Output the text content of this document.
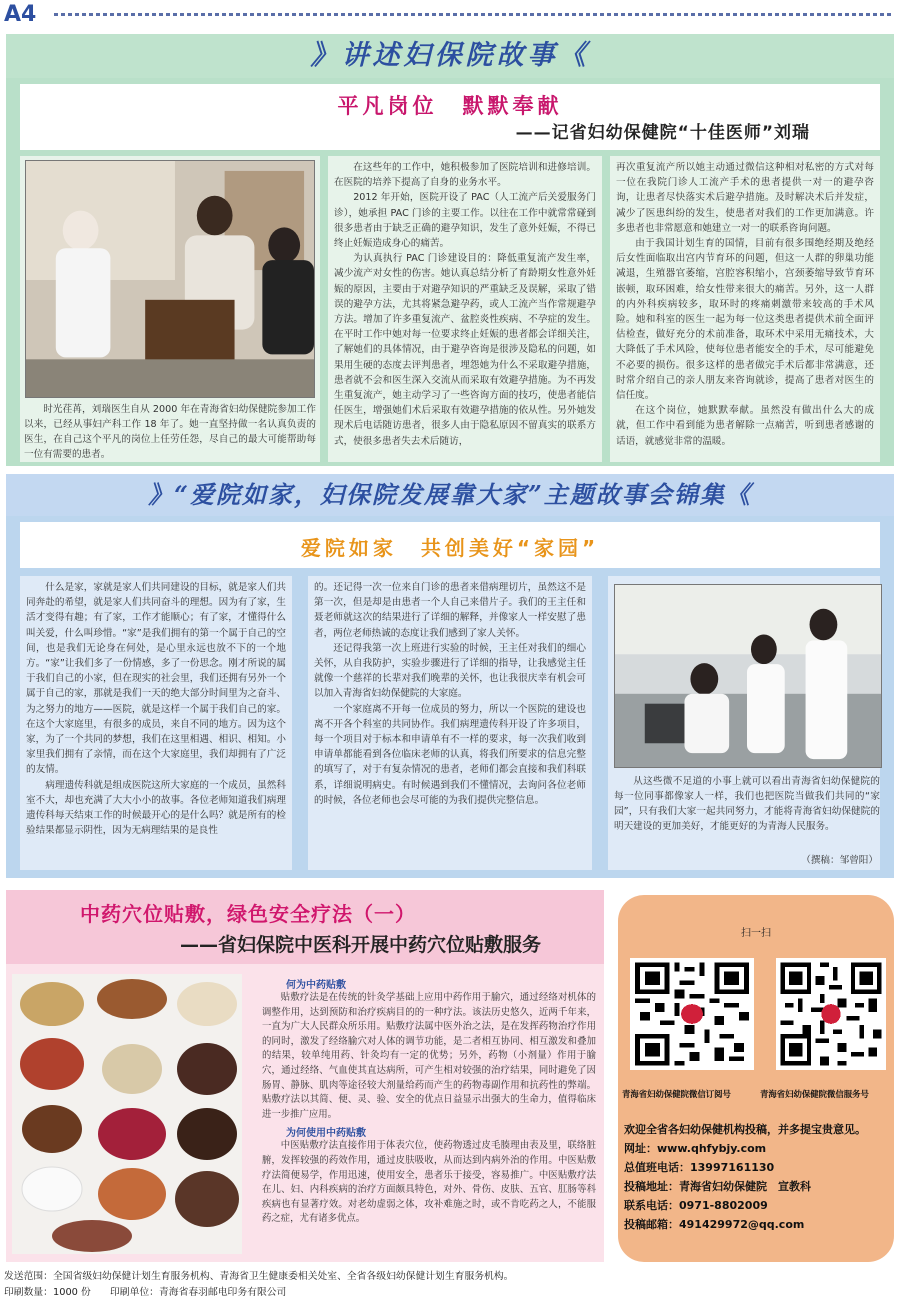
A4
》讲述妇保院故事《
平凡岗位　默默奉献
——记省妇幼保健院“十佳医师”刘瑞
时光荏苒，刘瑞医生自从 2000 年在青海省妇幼保健院参加工作以来，已经从事妇产科工作 18 年了。她一直坚持做一名认真负责的医生，在自己这个平凡的岗位上任劳任怨，尽自己的最大可能帮助每一位有需要的患者。

在这些年的工作中，她积极参加了医院培训和进修培训。在医院的培养下提高了自身的业务水平。

2012 年开始，医院开设了 PAC（人工流产后关爱服务门诊），她承担 PAC 门诊的主要工作。以往在工作中就常常碰到很多患者由于缺乏正确的避孕知识，发生了意外妊娠，不得已终止妊娠造成身心的痛苦。

为认真执行 PAC 门诊建设目的：降低重复流产发生率，减少流产对女性的伤害。她认真总结分析了育龄期女性意外妊娠的原因，主要由于对避孕知识的严重缺乏及误解，采取了错误的避孕方法，尤其将紧急避孕药，或人工流产当作常规避孕方法。增加了许多重复流产、盆腔炎性疾病、不孕症的发生。在平时工作中她对每一位要求终止妊娠的患者都会详细关注，了解她们的具体情况，由于避孕咨询是很涉及隐私的问题，如果用生硬的态度去评判患者，埋怨她为什么不采取避孕措施，患者就不会和医生深入交流从而采取有效避孕措施。为不再发生重复流产，她主动学习了一些咨询方面的技巧，使患者能信任医生，增强她们术后采取有效避孕措施的依从性。另外她发现术后电话随访患者，很多人由于隐私原因不留真实的联系方式，使很多患者失去术后随访，

再次重复流产所以她主动通过微信这种相对私密的方式对每一位在我院门诊人工流产手术的患者提供一对一的避孕咨询，让患者尽快落实术后避孕措施。及时解决术后并发症，减少了医患纠纷的发生，使患者对我们的工作更加满意。许多患者也非常愿意和她建立一对一的联系咨询问题。

由于我国计划生育的国情，目前有很多围绝经期及绝经后女性面临取出宫内节育环的问题，但这一人群的卵巢功能减退，生殖器官萎缩，宫腔容积缩小，宫颈萎缩导致节育环嵌顿，取环困难，给女性带来很大的痛苦。另外，这一人群的内外科疾病较多，取环时的疼痛刺激带来较高的手术风险。她和科室的医生一起为每一位这类患者提供术前全面评估检查，做好充分的术前准备，取环术中采用无痛技术，大大降低了手术风险，使每位患者能安全的手术，尽可能避免不必要的损伤。很多这样的患者做完手术后都非常满意，还时常介绍自己的亲人朋友来咨询就诊，提高了患者对医生的信任度。

在这个岗位，她默默奉献。虽然没有做出什么大的成就，但工作中看到能为患者解除一点痛苦，听到患者感谢的话语，就感觉非常的温暖。

》“爱院如家，妇保院发展靠大家”主题故事会锦集《
爱院如家　共创美好“家园”

什么是家，家就是家人们共同建设的目标，就是家人们共同奔赴的希望，就是家人们共同奋斗的理想。因为有了家，生活才变得有趣；有了家，工作才能顺心；有了家，才懂得什么叫关爱，什么叫珍惜。“家”是我们拥有的第一个属于自己的空间，也是我们无论身在何处，是心里永远也放不下的一个地方。“家”让我们多了一份情感，多了一份思念。刚才所说的属于我们自己的小家，但在现实的社会里，我们还拥有另外一个属于自己的家，那就是我们一天的绝大部分时间里为之奋斗、为之努力的地方——医院，就是这样一个属于我们自己的家。在这个大家庭里，有很多的成员，来自不同的地方。因为这个家，为了一个共同的梦想，我们在这里相遇、相识、相知。小家里我们拥有了亲情，而在这个大家庭里，我们却拥有了广泛的友情。

病理遗传科就是组成医院这所大家庭的一个成员，虽然科室不大，却也充满了大大小小的故事。各位老师知道我们病理遗传科每天结束工作的时候最开心的是什么吗？就是所有的检验结果都显示阴性，因为无病理结果的是良性

的。还记得一次一位来自门诊的患者来借病理切片，虽然这不是第一次，但是却是由患者一个人自己来借片子。我们的王主任和聂老师就这次的结果进行了详细的解释，并像家人一样安慰了患者，两位老师热诚的态度让我们感到了家人关怀。

还记得我第一次上班进行实验的时候，王主任对我们的细心关怀，从自我防护，实验步骤进行了详细的指导，让我感觉主任就像一个慈祥的长辈对我们晚辈的关怀，也让我很庆幸有机会可以加入青海省妇幼保健院的大家庭。

一个家庭离不开每一位成员的努力，所以一个医院的建设也离不开各个科室的共同协作。我们病理遗传科开设了许多项目，每一个项目对于标本和申请单有不一样的要求，每一次我们收到申请单都能看到各位临床老师的认真，将我们所要求的信息完整的填写了，对于有复杂情况的患者，老师们都会直接和我们科联系，详细说明病史。有时候遇到我们不懂情况，去询问各位老师的时候，各位老师也会尽可能的为我们提供完整信息。

从这些微不足道的小事上就可以看出青海省妇幼保健院的每一位同事都像家人一样，我们也把医院当做我们共同的“家园”，只有我们大家一起共同努力，才能将青海省妇幼保健院的明天建设的更加美好，才能更好的为青海人民服务。
（撰稿：邹曾阳）
中药穴位贴敷，绿色安全疗法（一）
——省妇保院中医科开展中药穴位贴敷服务
何为中药贴敷

贴敷疗法是在传统的针灸学基础上应用中药作用于腧穴，通过经络对机体的调整作用，达到预防和治疗疾病目的的一种疗法。该法历史悠久，近两千年来，一直为广大人民群众所乐用。贴敷疗法属中医外治之法，是在发挥药物治疗作用的同时，激发了经络腧穴对人体的调节功能，是二者相互协同、相互激发和叠加的结果，较单纯用药、针灸均有一定的优势；另外，药物（小剂量）作用于腧穴，通过经络、气血使其直达病所，可产生相对较强的治疗结果，同时避免了因肠胃、静脉、肌肉等途径较大剂量给药而产生的药物毒副作用和抗药性的弊端。贴敷疗法以其简、便、灵、验、安全的优点日益显示出强大的生命力，值得临床进一步推广应用。

为何使用中药贴敷

中医贴敷疗法直接作用于体表穴位，使药物透过皮毛腠理由表及里，联络脏腑，发挥较强的药效作用，通过皮肤吸收，从而达到内病外治的作用。中医贴敷疗法简便易学，作用迅速，使用安全，患者乐于接受，容易推广。中医贴敷疗法在儿、妇、内科疾病的治疗方面颇具特色，对外、骨伤、皮肤、五官、肛肠等科疾病也有显著疗效。对老幼虚弱之体，攻补难施之时，或不肯吃药之人，不能服药之症，尤有诸多优点。

扫一扫
青海省妇幼保健院微信订阅号	青海省妇幼保健院微信服务号
欢迎全省各妇幼保健机构投稿，并多提宝贵意见。
网址：www.qhfybjy.com
总值班电话：13997161130
投稿地址：青海省妇幼保健院　宣教科
联系电话：0971-8802009
投稿邮箱：491429972@qq.com
发送范围：全国省级妇幼保健计划生育服务机构、青海省卫生健康委相关处室、全省各级妇幼保健计划生育服务机构。
印刷数量：1000 份 印刷单位：青海省春羽邮电印务有限公司
